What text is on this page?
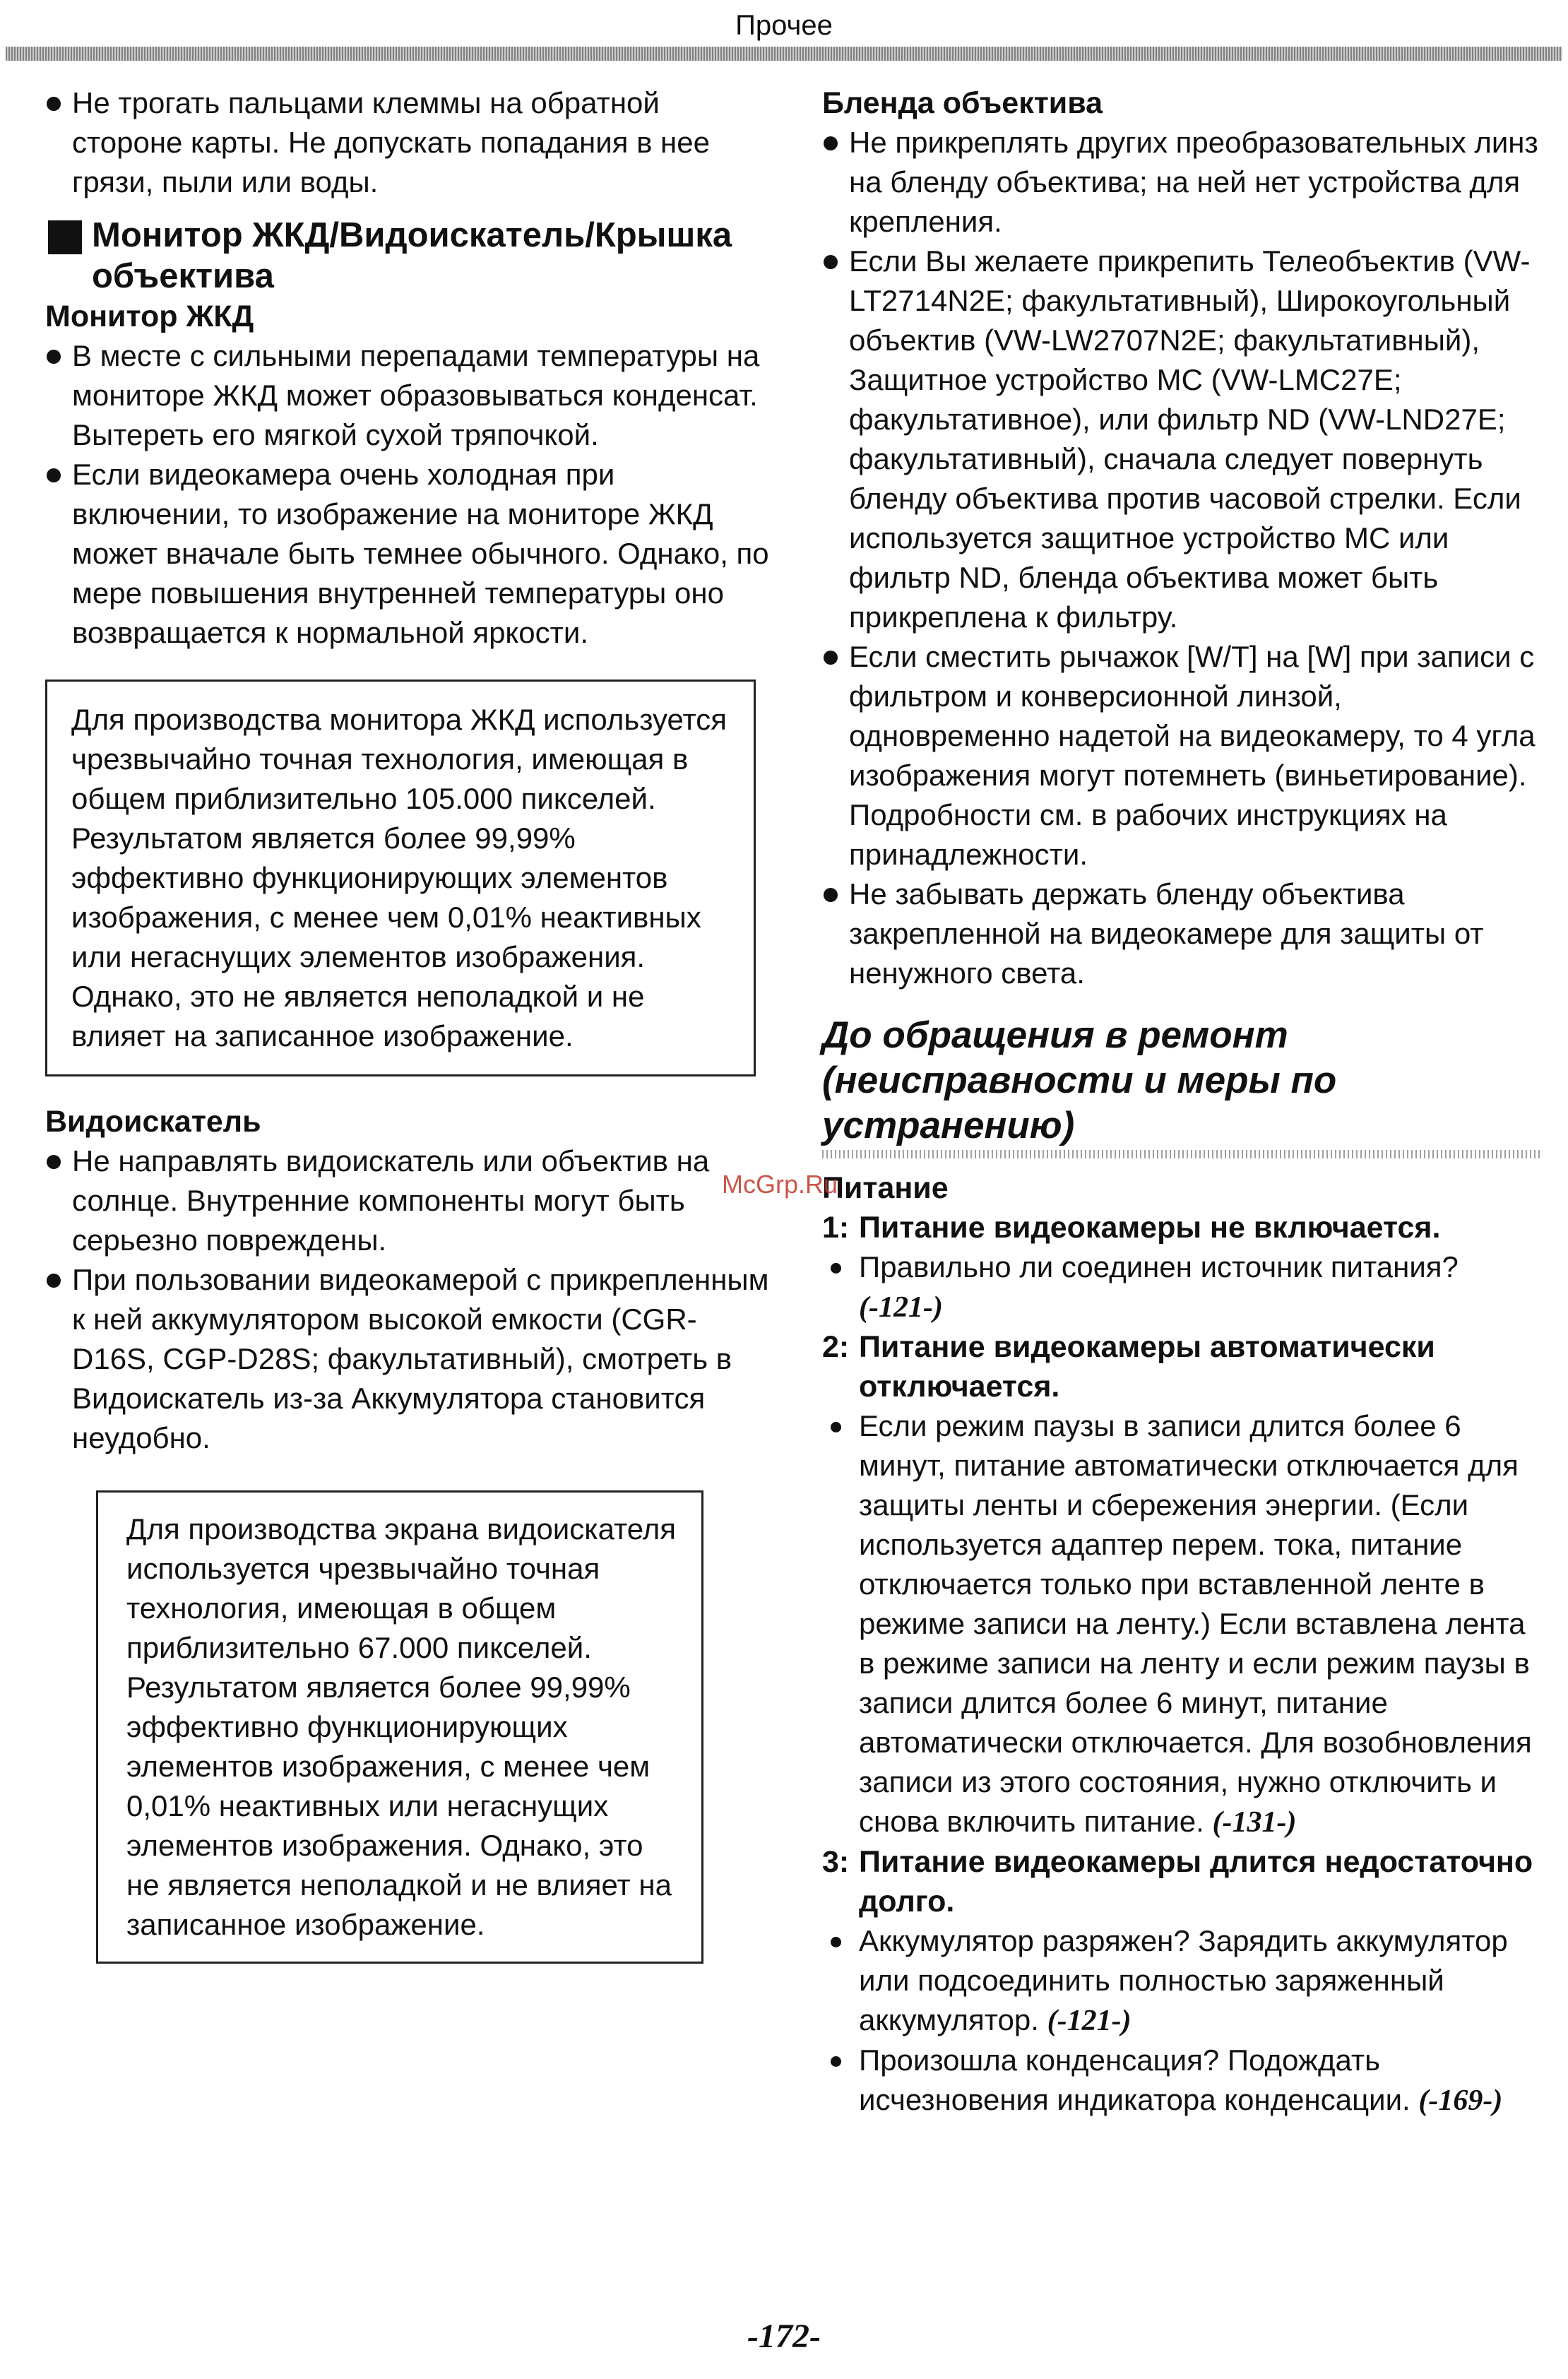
Прочее

Не трогать пальцами клеммы на обратной стороне карты. Не допускать попадания в нее грязи, пыли или воды.

Монитор ЖКД/Видоискатель/Крышка объектива

Монитор ЖКД

В месте с сильными перепадами температуры на мониторе ЖКД может образовываться конденсат. Вытереть его мягкой сухой тряпочкой.

Если видеокамера очень холодная при включении, то изображение на мониторе ЖКД может вначале быть темнее обычного. Однако, по мере повышения внутренней температуры оно возвращается к нормальной яркости.

Для производства монитора ЖКД используется чрезвычайно точная технология, имеющая в общем приблизительно 105.000 пикселей. Результатом является более 99,99% эффективно функционирующих элементов изображения, с менее чем 0,01% неактивных или негаснущих элементов изображения. Однако, это не является неполадкой и не влияет на записанное изображение.

Видоискатель

Не направлять видоискатель или объектив на солнце. Внутренние компоненты могут быть серьезно повреждены.

При пользовании видеокамерой с прикрепленным к ней аккумулятором высокой емкости (CGR-D16S, CGP-D28S; факультативный), смотреть в Видоискатель из-за Аккумулятора становится неудобно.

Для производства экрана видоискателя используется чрезвычайно точная технология, имеющая в общем приблизительно 67.000 пикселей. Результатом является более 99,99% эффективно функционирующих элементов изображения, с менее чем 0,01% неактивных или негаснущих элементов изображения. Однако, это не является неполадкой и не влияет на записанное изображение.

Бленда объектива

Не прикреплять других преобразовательных линз на бленду объектива; на ней нет устройства для крепления.

Если Вы желаете прикрепить Телеобъектив (VW-LT2714N2E; факультативный), Широкоугольный объектив (VW-LW2707N2E; факультативный), Защитное устройство MC (VW-LMC27E; факультативное), или фильтр ND (VW-LND27E; факультативный), сначала следует повернуть бленду объектива против часовой стрелки. Если используется защитное устройство MC или фильтр ND, бленда объектива может быть прикреплена к фильтру.

Если сместить рычажок [W/T] на [W] при записи с фильтром и конверсионной линзой, одновременно надетой на видеокамеру, то 4 угла изображения могут потемнеть (виньетирование). Подробности см. в рабочих инструкциях на принадлежности.

Не забывать держать бленду объектива закрепленной на видеокамере для защиты от ненужного света.

До обращения в ремонт (неисправности и меры по устранению)

Питание

1: Питание видеокамеры не включается.

Правильно ли соединен источник питания? (-121-)

2: Питание видеокамеры автоматически отключается.

Если режим паузы в записи длится более 6 минут, питание автоматически отключается для защиты ленты и сбережения энергии. (Если используется адаптер перем. тока, питание отключается только при вставленной ленте в режиме записи на ленту.) Если вставлена лента в режиме записи на ленту и если режим паузы в записи длится более 6 минут, питание автоматически отключается. Для возобновления записи из этого состояния, нужно отключить и снова включить питание. (-131-)

3: Питание видеокамеры длится недостаточно долго.

Аккумулятор разряжен? Зарядить аккумулятор или подсоединить полностью заряженный аккумулятор. (-121-)

Произошла конденсация? Подождать исчезновения индикатора конденсации. (-169-)

McGrp.Ru
-172-
